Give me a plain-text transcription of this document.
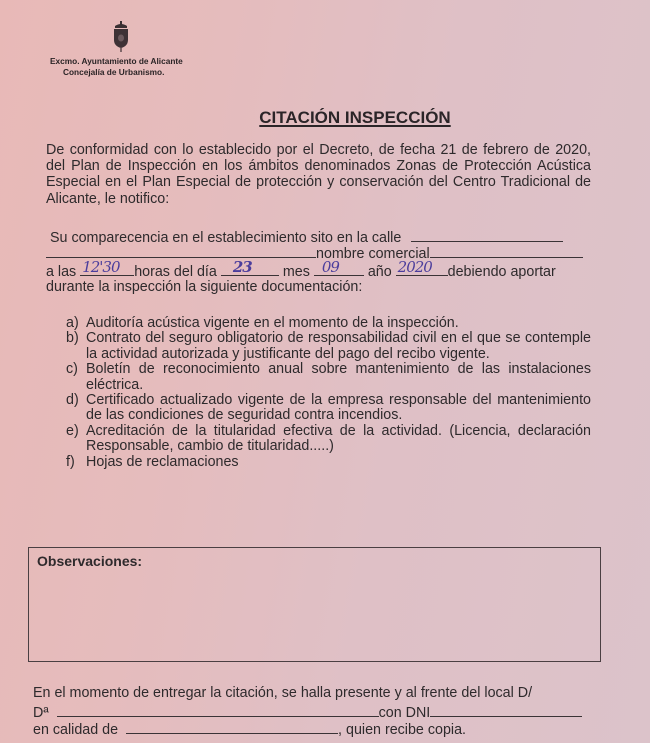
Excmo. Ayuntamiento de Alicante
Concejalía de Urbanismo.
CITACIÓN INSPECCIÓN
De conformidad con lo establecido por el Decreto, de fecha 21 de febrero de 2020, del Plan de Inspección en los ámbitos denominados Zonas de Protección Acústica Especial en el Plan Especial de protección y conservación del Centro Tradicional de Alicante, le notifico:
Su comparecencia en el establecimiento sito en la calle
nombre comercial
a las 12'30 horas del día 23 mes 09 año 2020 debiendo aportar
durante la inspección la siguiente documentación:
a) Auditoría acústica vigente en el momento de la inspección.
b) Contrato del seguro obligatorio de responsabilidad civil en el que se contemple la actividad autorizada y justificante del pago del recibo vigente.
c) Boletín de reconocimiento anual sobre mantenimiento de las instalaciones eléctrica.
d) Certificado actualizado vigente de la empresa responsable del mantenimiento de las condiciones de seguridad contra incendios.
e) Acreditación de la titularidad efectiva de la actividad. (Licencia, declaración Responsable, cambio de titularidad.....)
f) Hojas de reclamaciones
Observaciones:
En el momento de entregar la citación, se halla presente y al frente del local D/
Dª	con DNI
en calidad de	, quien recibe copia.
